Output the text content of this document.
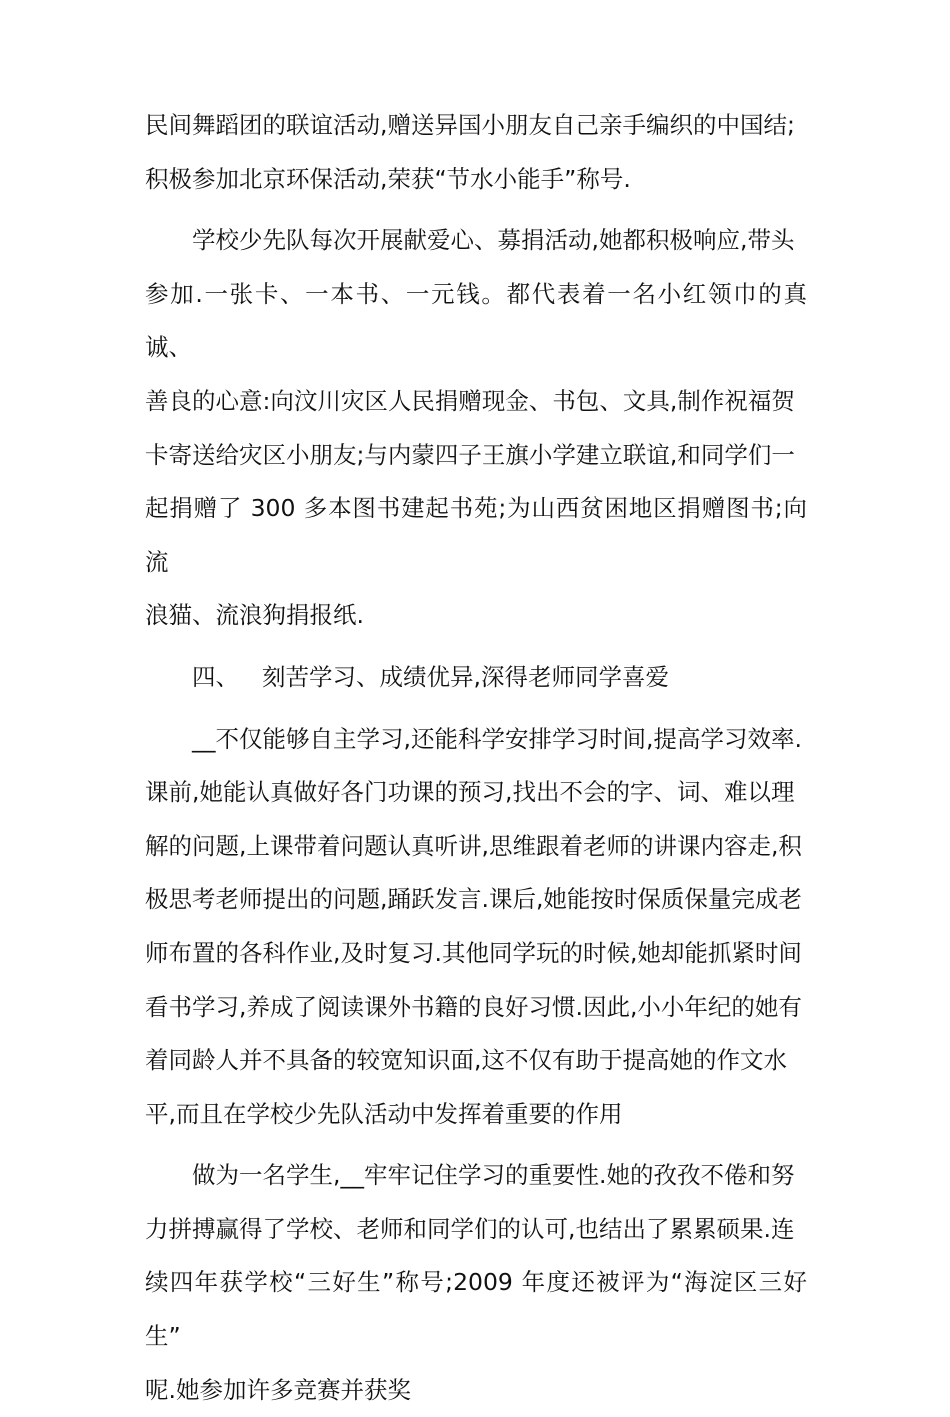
民间舞蹈团的联谊活动,赠送异国小朋友自己亲手编织的中国结;
积极参加北京环保活动,荣获“节水小能手”称号.
学校少先队每次开展献爱心、募捐活动,她都积极响应,带头
参加.一张卡、一本书、一元钱。都代表着一名小红领巾的真诚、
善良的心意:向汶川灾区人民捐赠现金、书包、文具,制作祝福贺
卡寄送给灾区小朋友;与内蒙四子王旗小学建立联谊,和同学们一
起捐赠了 300 多本图书建起书苑;为山西贫困地区捐赠图书;向流
浪猫、流浪狗捐报纸.
四、 刻苦学习、成绩优异,深得老师同学喜爱
__不仅能够自主学习,还能科学安排学习时间,提高学习效率.
课前,她能认真做好各门功课的预习,找出不会的字、词、难以理
解的问题,上课带着问题认真听讲,思维跟着老师的讲课内容走,积
极思考老师提出的问题,踊跃发言.课后,她能按时保质保量完成老
师布置的各科作业,及时复习.其他同学玩的时候,她却能抓紧时间
看书学习,养成了阅读课外书籍的良好习惯.因此,小小年纪的她有
着同龄人并不具备的较宽知识面,这不仅有助于提高她的作文水
平,而且在学校少先队活动中发挥着重要的作用
做为一名学生,__牢牢记住学习的重要性.她的孜孜不倦和努
力拼搏赢得了学校、老师和同学们的认可,也结出了累累硕果.连
续四年获学校“三好生”称号;2009 年度还被评为“海淀区三好生”
呢.她参加许多竞赛并获奖
